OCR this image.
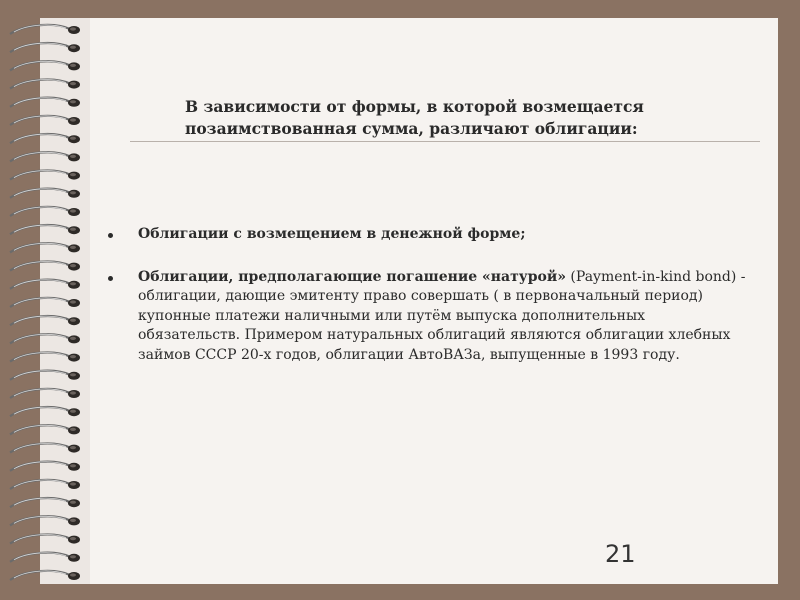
В зависимости от формы, в которой возмещается позаимствованная сумма, различают облигации:
Облигации с возмещением в денежной форме;
Облигации, предполагающие погашение «натурой» (Payment-in-kind bond) - облигации, дающие эмитенту право совершать ( в первоначальный период) купонные платежи наличными или путём выпуска дополнительных обязательств. Примером натуральных облигаций являются облигации хлебных займов СССР 20-х годов, облигации АвтоВАЗа, выпущенные в 1993 году.
21
